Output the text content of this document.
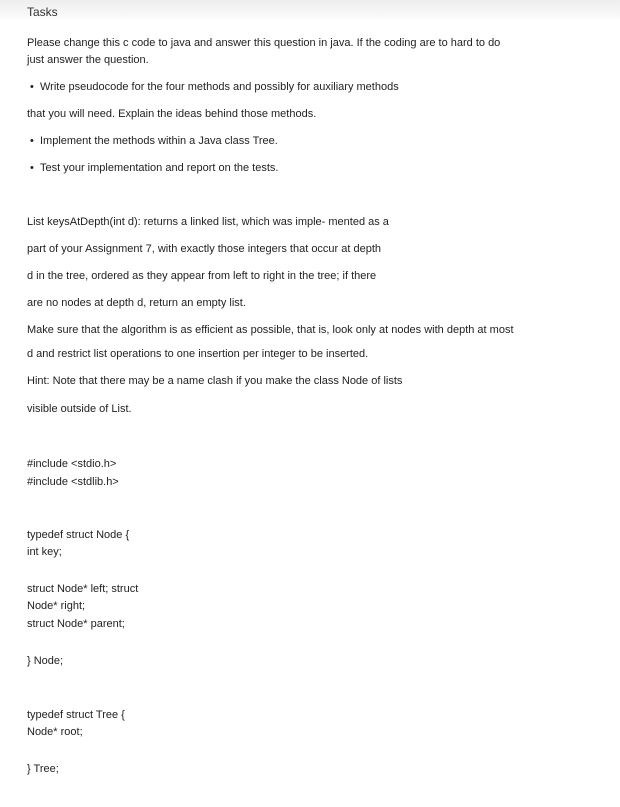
Tasks
Please change this c code to java and answer this question in java. If the coding are to hard to do
just answer the question.
• Write pseudocode for the four methods and possibly for auxiliary methods
that you will need. Explain the ideas behind those methods.
• Implement the methods within a Java class Tree.
• Test your implementation and report on the tests.
List keysAtDepth(int d): returns a linked list, which was imple- mented as a
part of your Assignment 7, with exactly those integers that occur at depth
d in the tree, ordered as they appear from left to right in the tree; if there
are no nodes at depth d, return an empty list.
Make sure that the algorithm is as efficient as possible, that is, look only at nodes with depth at most
d and restrict list operations to one insertion per integer to be inserted.
Hint: Note that there may be a name clash if you make the class Node of lists
visible outside of List.
#include <stdio.h>
#include <stdlib.h>
typedef struct Node {
int key;
struct Node* left; struct
Node* right;
struct Node* parent;
} Node;
typedef struct Tree {
Node* root;
} Tree;
